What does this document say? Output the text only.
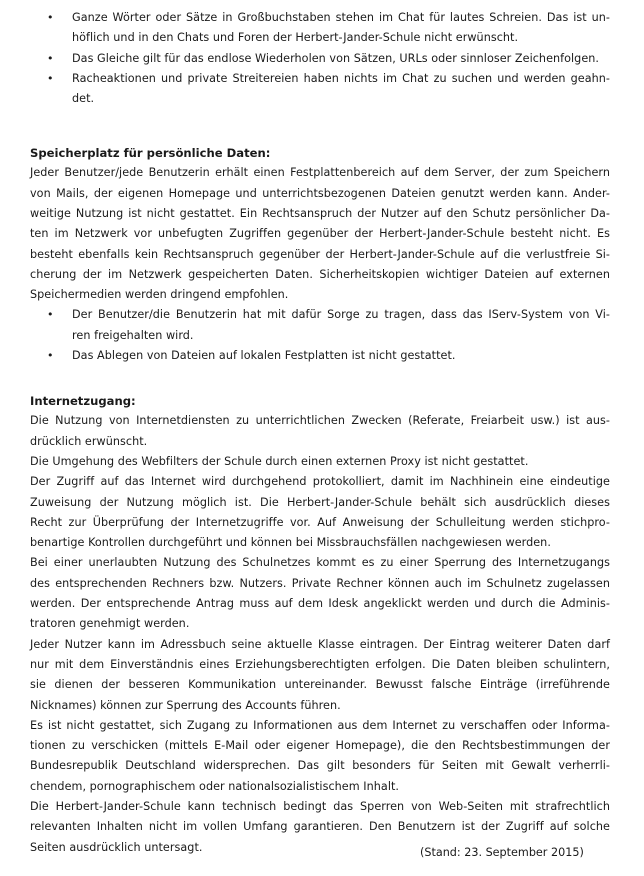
• Ganze Wörter oder Sätze in Großbuchstaben stehen im Chat für lautes Schreien. Das ist un-
höflich und in den Chats und Foren der Herbert-Jander-Schule nicht erwünscht.
• Das Gleiche gilt für das endlose Wiederholen von Sätzen, URLs oder sinnloser Zeichenfolgen.
• Racheaktionen und private Streitereien haben nichts im Chat zu suchen und werden geahn-
det.
Speicherplatz für persönliche Daten:
Jeder Benutzer/jede Benutzerin erhält einen Festplattenbereich auf dem Server, der zum Speichern
von Mails, der eigenen Homepage und unterrichtsbezogenen Dateien genutzt werden kann. Ander-
weitige Nutzung ist nicht gestattet. Ein Rechtsanspruch der Nutzer auf den Schutz persönlicher Da-
ten im Netzwerk vor unbefugten Zugriffen gegenüber der Herbert-Jander-Schule besteht nicht. Es
besteht ebenfalls kein Rechtsanspruch gegenüber der Herbert-Jander-Schule auf die verlustfreie Si-
cherung der im Netzwerk gespeicherten Daten. Sicherheitskopien wichtiger Dateien auf externen
Speichermedien werden dringend empfohlen.
• Der Benutzer/die Benutzerin hat mit dafür Sorge zu tragen, dass das IServ-System von Vi-
ren freigehalten wird.
• Das Ablegen von Dateien auf lokalen Festplatten ist nicht gestattet.
Internetzugang:
Die Nutzung von Internetdiensten zu unterrichtlichen Zwecken (Referate, Freiarbeit usw.) ist aus-
drücklich erwünscht.
Die Umgehung des Webfilters der Schule durch einen externen Proxy ist nicht gestattet.
Der Zugriff auf das Internet wird durchgehend protokolliert, damit im Nachhinein eine eindeutige
Zuweisung der Nutzung möglich ist. Die Herbert-Jander-Schule behält sich ausdrücklich dieses
Recht zur Überprüfung der Internetzugriffe vor. Auf Anweisung der Schulleitung werden stichpro-
benartige Kontrollen durchgeführt und können bei Missbrauchsfällen nachgewiesen werden.
Bei einer unerlaubten Nutzung des Schulnetzes kommt es zu einer Sperrung des Internetzugangs
des entsprechenden Rechners bzw. Nutzers. Private Rechner können auch im Schulnetz zugelassen
werden. Der entsprechende Antrag muss auf dem Idesk angeklickt werden und durch die Adminis-
tratoren genehmigt werden.
Jeder Nutzer kann im Adressbuch seine aktuelle Klasse eintragen. Der Eintrag weiterer Daten darf
nur mit dem Einverständnis eines Erziehungsberechtigten erfolgen. Die Daten bleiben schulintern,
sie dienen der besseren Kommunikation untereinander. Bewusst falsche Einträge (irreführende
Nicknames) können zur Sperrung des Accounts führen.
Es ist nicht gestattet, sich Zugang zu Informationen aus dem Internet zu verschaffen oder Informa-
tionen zu verschicken (mittels E-Mail oder eigener Homepage), die den Rechtsbestimmungen der
Bundesrepublik Deutschland widersprechen. Das gilt besonders für Seiten mit Gewalt verherrli-
chendem, pornographischem oder nationalsozialistischem Inhalt.
Die Herbert-Jander-Schule kann technisch bedingt das Sperren von Web-Seiten mit strafrechtlich
relevanten Inhalten nicht im vollen Umfang garantieren. Den Benutzern ist der Zugriff auf solche
Seiten ausdrücklich untersagt.	(Stand: 23. September 2015)
